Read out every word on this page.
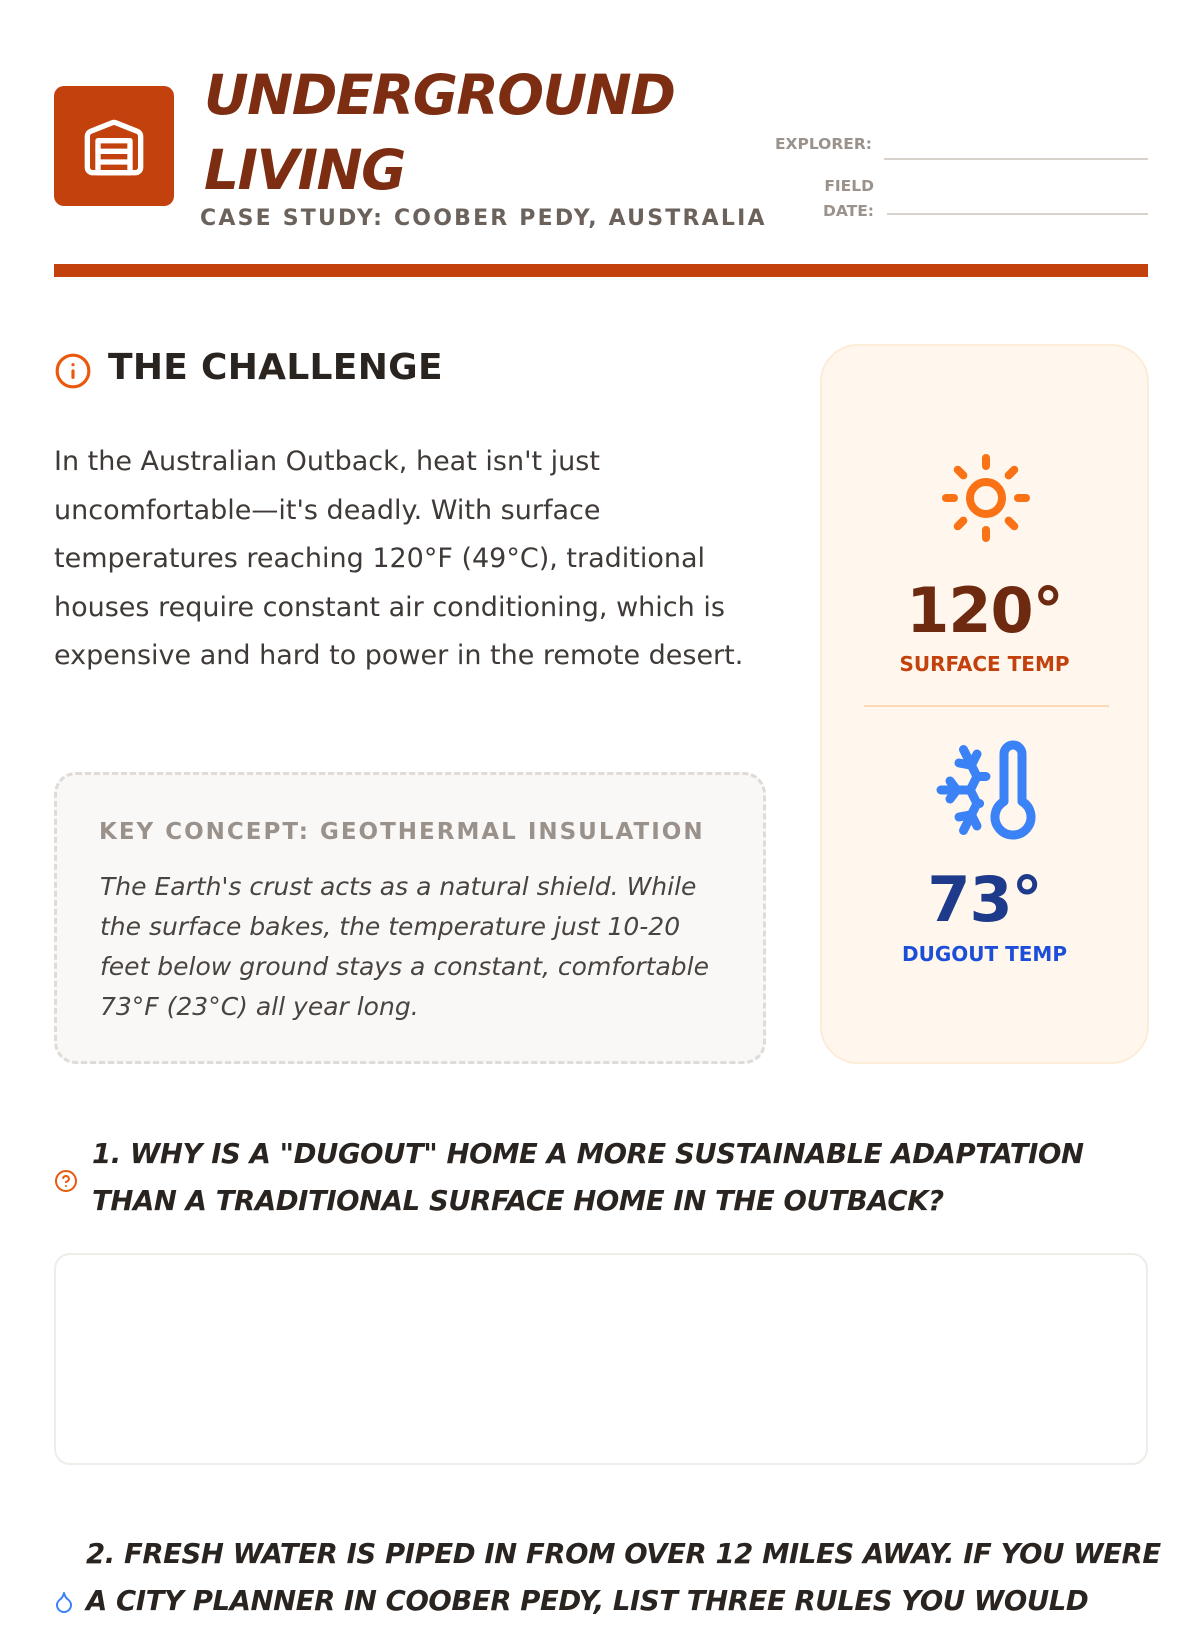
UNDERGROUND
LIVING
CASE STUDY: COOBER PEDY, AUSTRALIA
EXPLORER:
FIELD
DATE:
THE CHALLENGE

In the Australian Outback, heat isn't just uncomfortable—it's deadly. With surface temperatures reaching 120°F (49°C), traditional houses require constant air conditioning, which is expensive and hard to power in the remote desert.

KEY CONCEPT: GEOTHERMAL INSULATION

The Earth's crust acts as a natural shield. While the surface bakes, the temperature just 10-20 feet below ground stays a constant, comfortable 73°F (23°C) all year long.

120°
SURFACE TEMP
73°
DUGOUT TEMP
1. WHY IS A "DUGOUT" HOME A MORE SUSTAINABLE ADAPTATION THAN A TRADITIONAL SURFACE HOME IN THE OUTBACK?
2. FRESH WATER IS PIPED IN FROM OVER 12 MILES AWAY. IF YOU WERE A CITY PLANNER IN COOBER PEDY, LIST THREE RULES YOU WOULD
